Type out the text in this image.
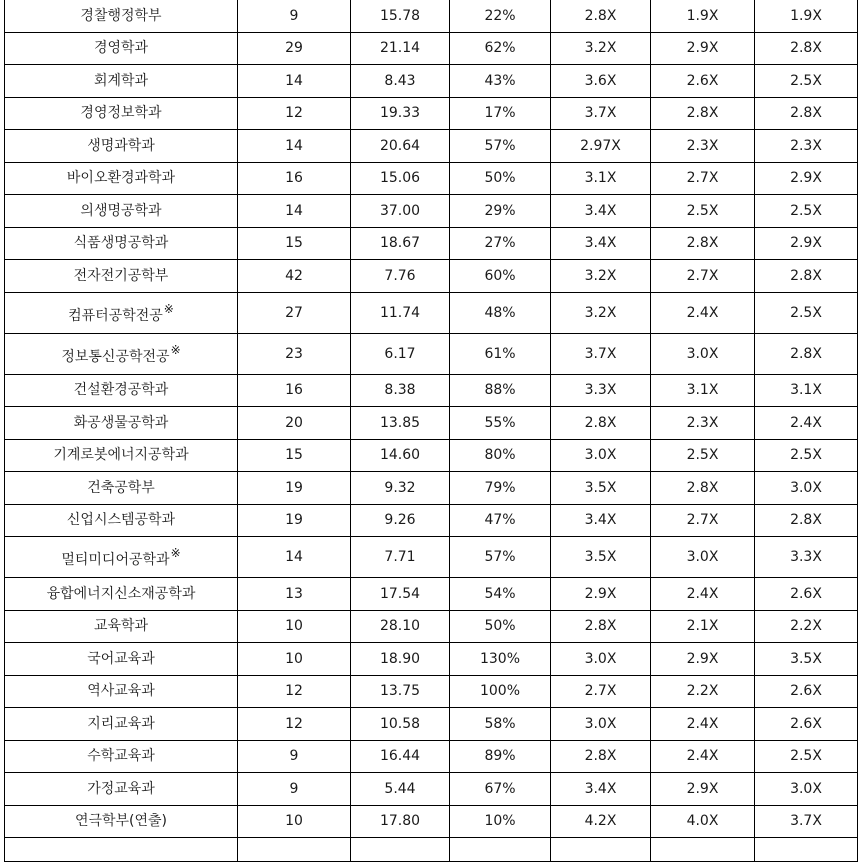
경찰행정학부	9	15.78	22%	2.8X	1.9X	1.9X
경영학과	29	21.14	62%	3.2X	2.9X	2.8X
회계학과	14	8.43	43%	3.6X	2.6X	2.5X
경영정보학과	12	19.33	17%	3.7X	2.8X	2.8X
생명과학과	14	20.64	57%	2.97X	2.3X	2.3X
바이오환경과학과	16	15.06	50%	3.1X	2.7X	2.9X
의생명공학과	14	37.00	29%	3.4X	2.5X	2.5X
식품생명공학과	15	18.67	27%	3.4X	2.8X	2.9X
전자전기공학부	42	7.76	60%	3.2X	2.7X	2.8X
컴퓨터공학전공※	27	11.74	48%	3.2X	2.4X	2.5X
정보통신공학전공※	23	6.17	61%	3.7X	3.0X	2.8X
건설환경공학과	16	8.38	88%	3.3X	3.1X	3.1X
화공생물공학과	20	13.85	55%	2.8X	2.3X	2.4X
기계로봇에너지공학과	15	14.60	80%	3.0X	2.5X	2.5X
건축공학부	19	9.32	79%	3.5X	2.8X	3.0X
신업시스템공학과	19	9.26	47%	3.4X	2.7X	2.8X
멀티미디어공학과※	14	7.71	57%	3.5X	3.0X	3.3X
융합에너지신소재공학과	13	17.54	54%	2.9X	2.4X	2.6X
교육학과	10	28.10	50%	2.8X	2.1X	2.2X
국어교육과	10	18.90	130%	3.0X	2.9X	3.5X
역사교육과	12	13.75	100%	2.7X	2.2X	2.6X
지리교육과	12	10.58	58%	3.0X	2.4X	2.6X
수학교육과	9	16.44	89%	2.8X	2.4X	2.5X
가정교육과	9	5.44	67%	3.4X	2.9X	3.0X
연극학부(연출)	10	17.80	10%	4.2X	4.0X	3.7X
